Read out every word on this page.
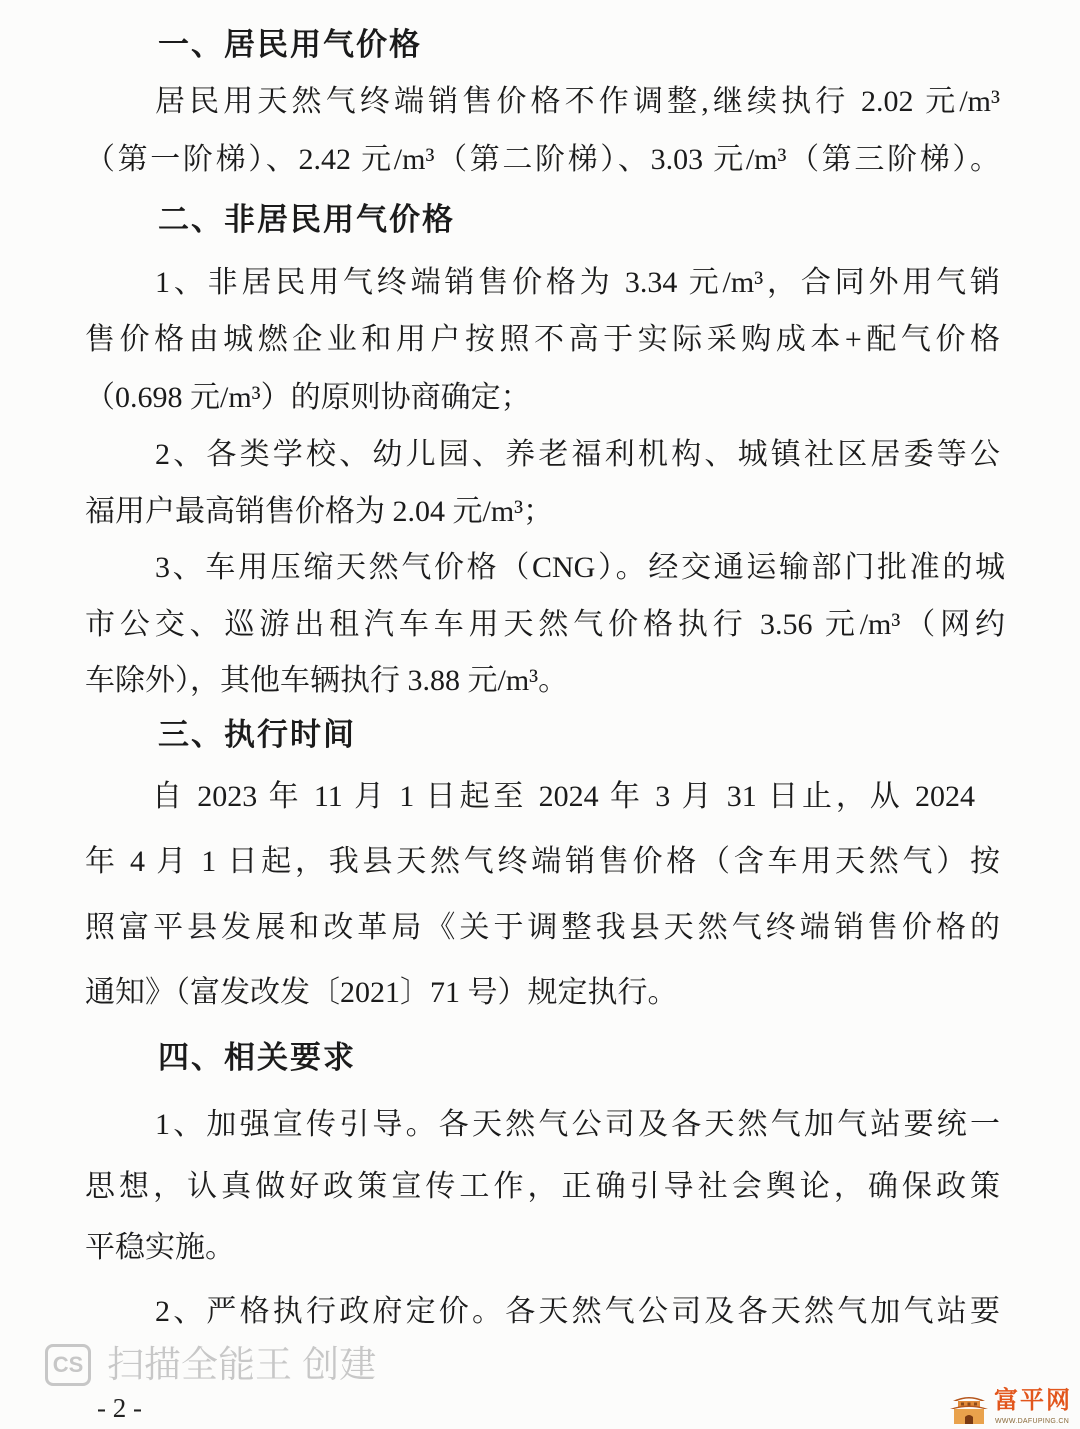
一、居民用气价格
居民用天然气终端销售价格不作调整,继续执行 2.02 元/m³
（第一阶梯）、2.42 元/m³（第二阶梯）、3.03 元/m³（第三阶梯）。
二、非居民用气价格
1、非居民用气终端销售价格为 3.34 元/m³，合同外用气销
售价格由城燃企业和用户按照不高于实际采购成本+配气价格
（0.698 元/m³）的原则协商确定；
2、各类学校、幼儿园、养老福利机构、城镇社区居委等公
福用户最高销售价格为 2.04 元/m³；
3、车用压缩天然气价格（CNG）。经交通运输部门批准的城
市公交、巡游出租汽车车用天然气价格执行 3.56 元/m³（网约
车除外），其他车辆执行 3.88 元/m³。
三、执行时间
自 2023 年 11 月 1 日起至 2024 年 3 月 31 日止，从 2024
年 4 月 1 日起，我县天然气终端销售价格（含车用天然气）按
照富平县发展和改革局《关于调整我县天然气终端销售价格的
通知》（富发改发〔2021〕71 号）规定执行。
四、相关要求
1、加强宣传引导。各天然气公司及各天然气加气站要统一
思想，认真做好政策宣传工作，正确引导社会舆论，确保政策
平稳实施。
2、严格执行政府定价。各天然气公司及各天然气加气站要
CS 扫描全能王 创建
- 2 -	富平网
WWW.DAFUPING.CN
